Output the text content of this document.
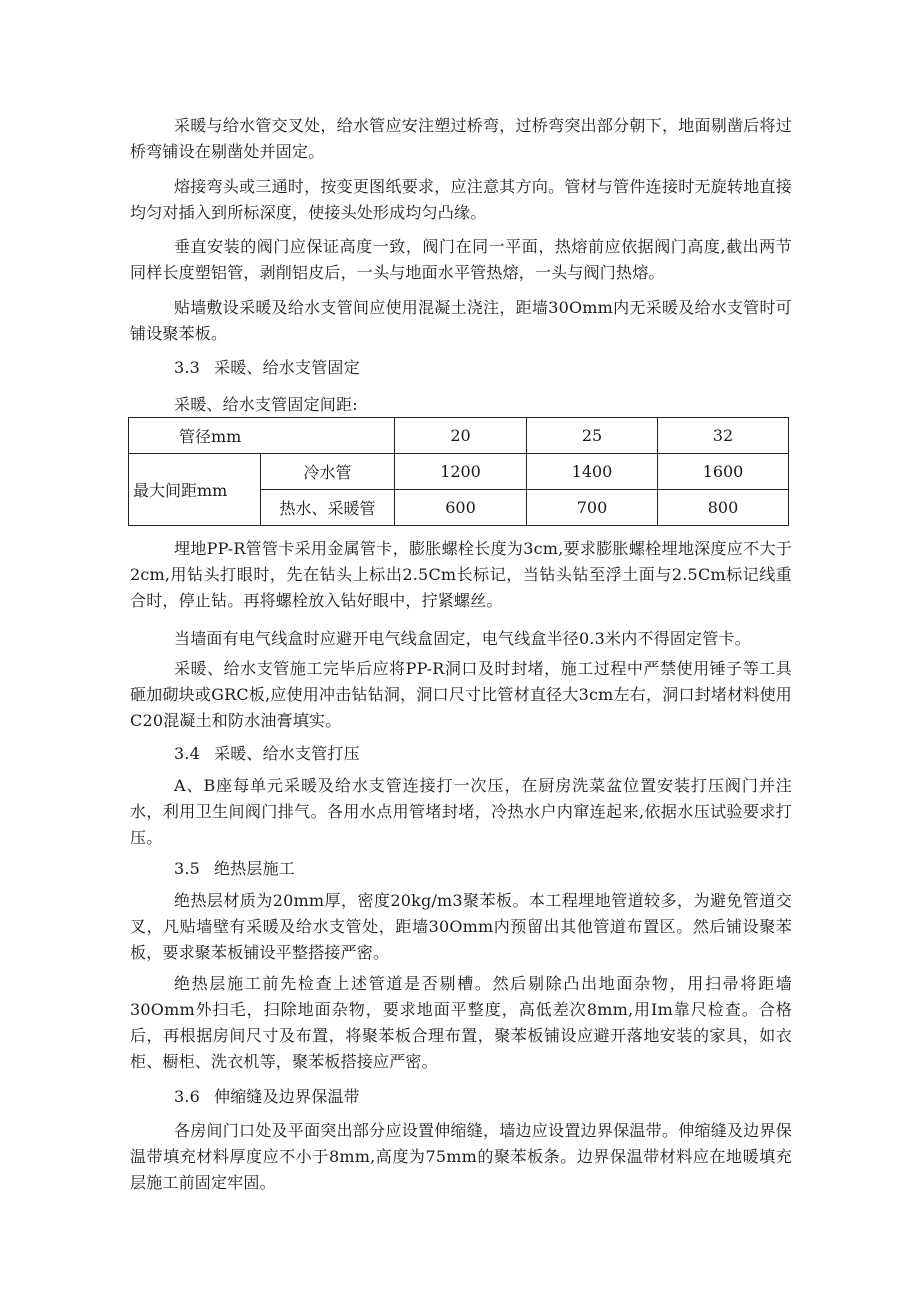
采暖与给水管交叉处，给水管应安注塑过桥弯，过桥弯突出部分朝下，地面剔凿后将过桥弯铺设在剔凿处并固定。

熔接弯头或三通时，按变更图纸要求，应注意其方向。管材与管件连接时无旋转地直接均匀对插入到所标深度，使接头处形成均匀凸缘。

垂直安装的阀门应保证高度一致，阀门在同一平面，热熔前应依据阀门高度,截出两节同样长度塑铝管，剥削铝皮后，一头与地面水平管热熔，一头与阀门热熔。

贴墙敷设采暖及给水支管间应使用混凝土浇注，距墙30Omm内无采暖及给水支管时可铺设聚苯板。

3.3 采暖、给水支管固定

采暖、给水支管固定间距:

管径mm		20	25	32
最大间距mm	冷水管	1200	1400	1600
	热水、采暖管	600	700	800

埋地PP-R管管卡采用金属管卡，膨胀螺栓长度为3cm,要求膨胀螺栓埋地深度应不大于2cm,用钻头打眼时，先在钻头上标出2.5Cm长标记，当钻头钻至浮土面与2.5Cm标记线重合时，停止钻。再将螺栓放入钻好眼中，拧紧螺丝。

当墙面有电气线盒时应避开电气线盒固定，电气线盒半径0.3米内不得固定管卡。

采暖、给水支管施工完毕后应将PP-R洞口及时封堵，施工过程中严禁使用锤子等工具砸加砌块或GRC板,应使用冲击钻钻洞，洞口尺寸比管材直径大3cm左右，洞口封堵材料使用C20混凝土和防水油膏填实。

3.4 采暖、给水支管打压

A、B座每单元采暖及给水支管连接打一次压，在厨房洗菜盆位置安装打压阀门并注水，利用卫生间阀门排气。各用水点用管堵封堵，冷热水户内窜连起来,依据水压试验要求打压。

3.5 绝热层施工

绝热层材质为20mm厚，密度20kg∕m3聚苯板。本工程埋地管道较多，为避免管道交叉，凡贴墙壁有采暖及给水支管处，距墙30Omm内预留出其他管道布置区。然后铺设聚苯板，要求聚苯板铺设平整搭接严密。

绝热层施工前先检查上述管道是否剔槽。然后剔除凸出地面杂物，用扫帚将距墙30Omm外扫毛，扫除地面杂物，要求地面平整度，高低差次8mm,用Im靠尺检查。合格后，再根据房间尺寸及布置，将聚苯板合理布置，聚苯板铺设应避开落地安装的家具，如衣柜、橱柜、洗衣机等，聚苯板搭接应严密。

3.6 伸缩缝及边界保温带

各房间门口处及平面突出部分应设置伸缩缝，墙边应设置边界保温带。伸缩缝及边界保温带填充材料厚度应不小于8mm,高度为75mm的聚苯板条。边界保温带材料应在地暖填充层施工前固定牢固。
